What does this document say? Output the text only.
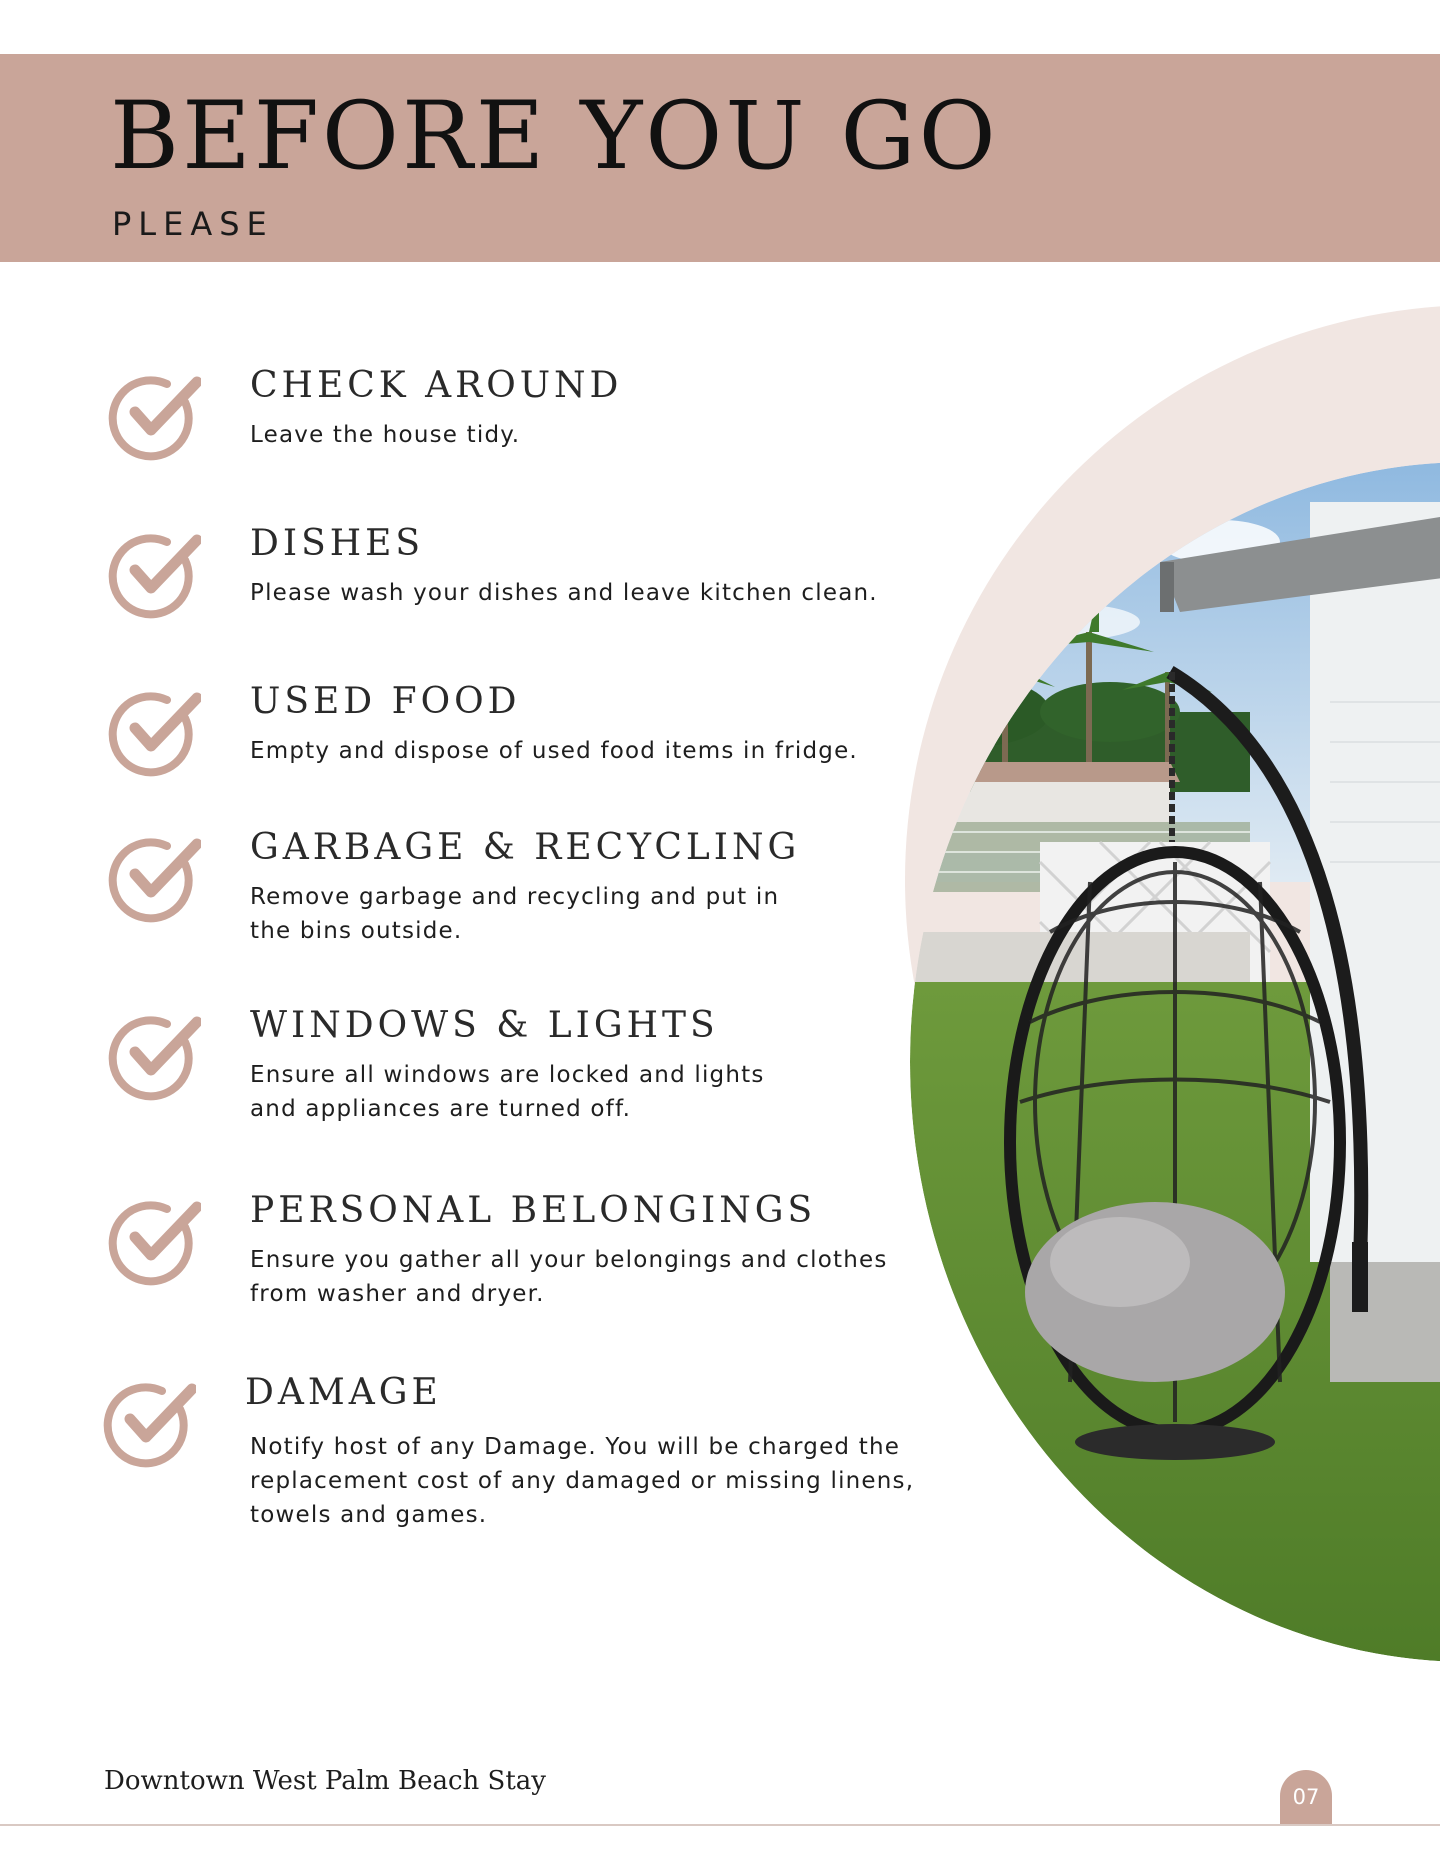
BEFORE YOU GO
PLEASE
CHECK AROUND
Leave the house tidy.
DISHES
Please wash your dishes and leave kitchen clean.
USED FOOD
Empty and dispose of used food items in fridge.
GARBAGE & RECYCLING
Remove garbage and recycling and put in
the bins outside.
WINDOWS & LIGHTS
Ensure all windows are locked and lights
and appliances are turned off.
PERSONAL BELONGINGS
Ensure you gather all your belongings and clothes
from washer and dryer.
DAMAGE
Notify host of any Damage. You will be charged the
replacement cost of any damaged or missing linens,
towels and games.
Downtown West Palm Beach Stay
07
